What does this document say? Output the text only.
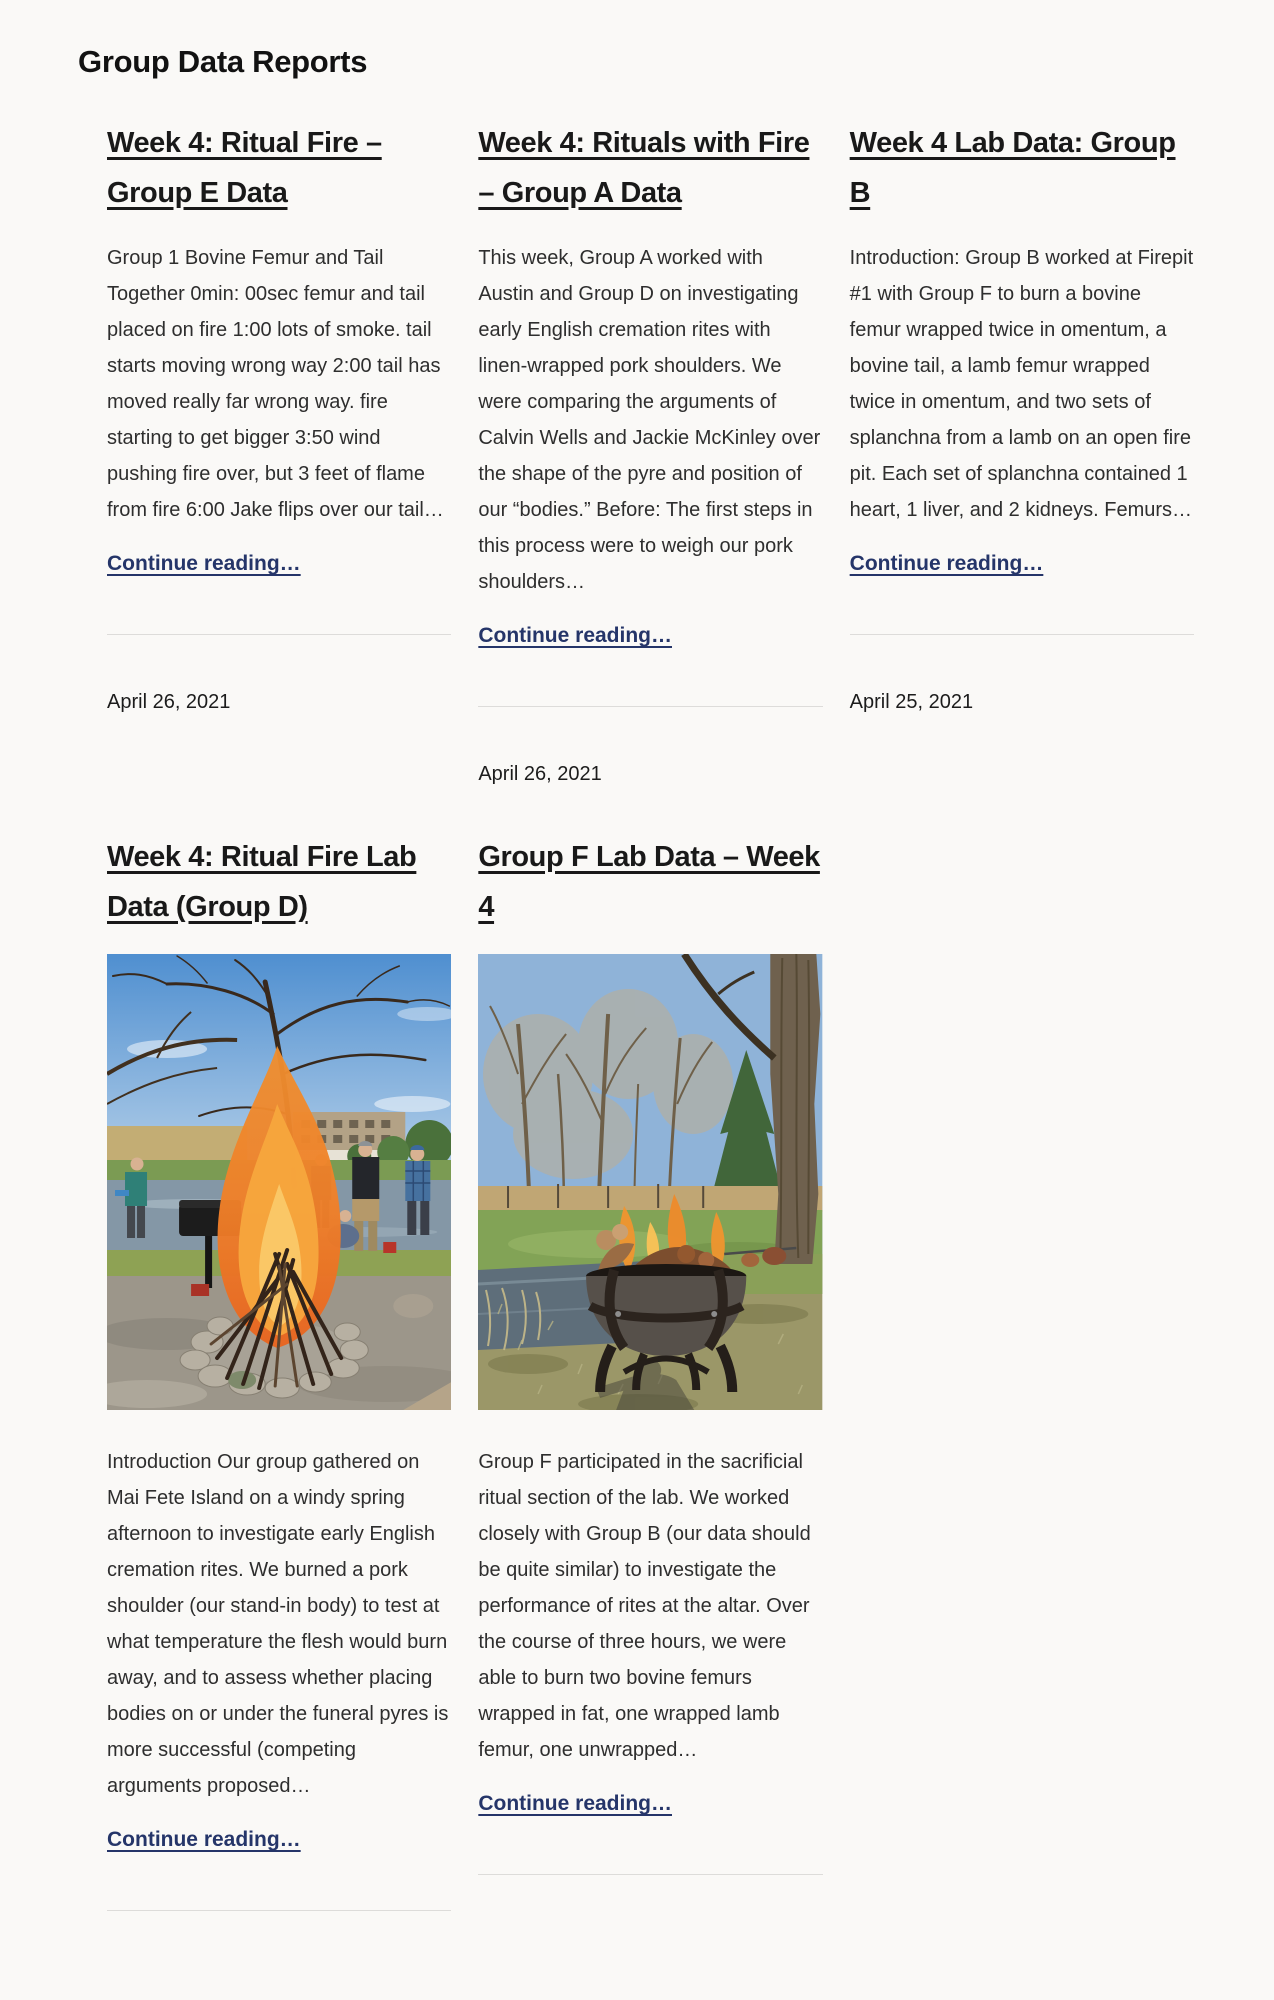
Group Data Reports
Week 4: Ritual Fire – Group E Data

Group 1 Bovine Femur and Tail Together 0min: 00sec femur and tail placed on fire 1:00 lots of smoke. tail starts moving wrong way 2:00 tail has moved really far wrong way. fire starting to get bigger 3:50 wind pushing fire over, but 3 feet of flame from fire 6:00 Jake flips over our tail…

Continue reading…

April 26, 2021
Week 4: Rituals with Fire – Group A Data

This week, Group A worked with Austin and Group D on investigating early English cremation rites with linen-wrapped pork shoulders. We were comparing the arguments of Calvin Wells and Jackie McKinley over the shape of the pyre and position of our “bodies.” Before: The first steps in this process were to weigh our pork shoulders…

Continue reading…

April 26, 2021
Week 4 Lab Data: Group B

Introduction: Group B worked at Firepit #1 with Group F to burn a bovine femur wrapped twice in omentum, a bovine tail, a lamb femur wrapped twice in omentum, and two sets of splanchna from a lamb on an open fire pit. Each set of splanchna contained 1 heart, 1 liver, and 2 kidneys. Femurs…

Continue reading…

April 25, 2021
Week 4: Ritual Fire Lab Data (Group D)

Introduction Our group gathered on Mai Fete Island on a windy spring afternoon to investigate early English cremation rites. We burned a pork shoulder (our stand-in body) to test at what temperature the flesh would burn away, and to assess whether placing bodies on or under the funeral pyres is more successful (competing arguments proposed…

Continue reading…

Group F Lab Data – Week 4

Group F participated in the sacrificial ritual section of the lab. We worked closely with Group B (our data should be quite similar) to investigate the performance of rites at the altar. Over the course of three hours, we were able to burn two bovine femurs wrapped in fat, one wrapped lamb femur, one unwrapped…

Continue reading…
